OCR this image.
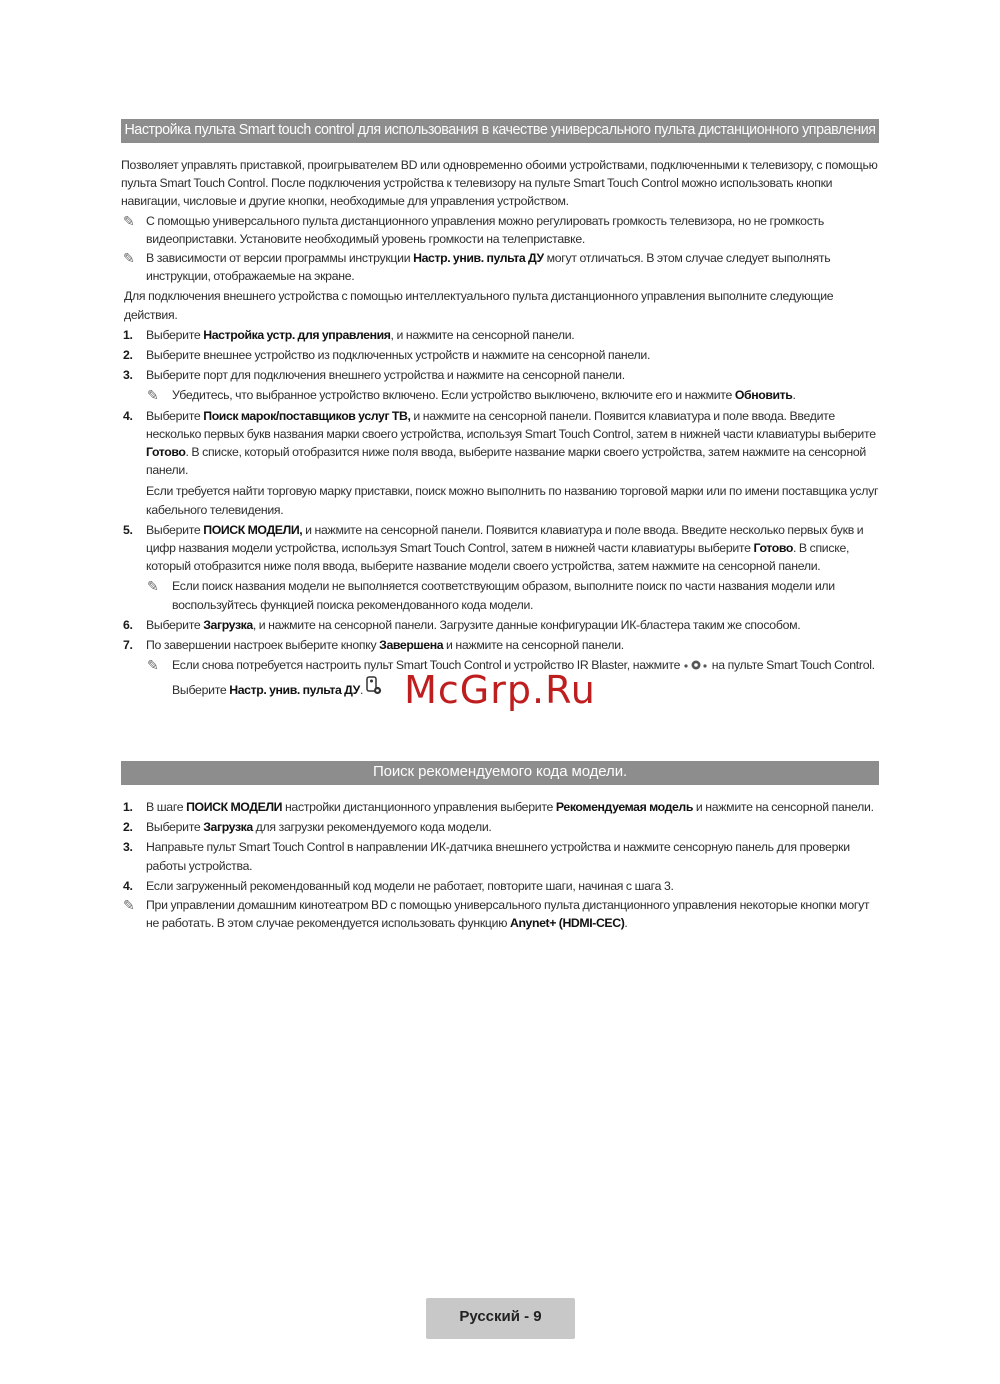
Настройка пульта Smart touch control для использования в качестве универсального пульта дистанционного управления

Позволяет управлять приставкой, проигрывателем BD или одновременно обоими устройствами, подключенными к телевизору, с помощью пульта Smart Touch Control. После подключения устройства к телевизору на пульте Smart Touch Control можно использовать кнопки навигации, числовые и другие кнопки, необходимые для управления устройством.

✎ С помощью универсального пульта дистанционного управления можно регулировать громкость телевизора, но не громкость видеоприставки. Установите необходимый уровень громкости на телеприставке.
✎ В зависимости от версии программы инструкции Настр. унив. пульта ДУ могут отличаться. В этом случае следует выполнять инструкции, отображаемые на экране.

Для подключения внешнего устройства с помощью интеллектуального пульта дистанционного управления выполните следующие действия.

1. Выберите Настройка устр. для управления, и нажмите на сенсорной панели.
2. Выберите внешнее устройство из подключенных устройств и нажмите на сенсорной панели.
3. Выберите порт для подключения внешнего устройства и нажмите на сенсорной панели.
✎ Убедитесь, что выбранное устройство включено. Если устройство выключено, включите его и нажмите Обновить.
4. Выберите Поиск марок/поставщиков услуг ТВ, и нажмите на сенсорной панели. Появится клавиатура и поле ввода. Введите несколько первых букв названия марки своего устройства, используя Smart Touch Control, затем в нижней части клавиатуры выберите Готово. В списке, который отобразится ниже поля ввода, выберите название марки своего устройства, затем нажмите на сенсорной панели.
Если требуется найти торговую марку приставки, поиск можно выполнить по названию торговой марки или по имени поставщика услуг кабельного телевидения.
5. Выберите ПОИСК МОДЕЛИ, и нажмите на сенсорной панели. Появится клавиатура и поле ввода. Введите несколько первых букв и цифр названия модели устройства, используя Smart Touch Control, затем в нижней части клавиатуры выберите Готово. В списке, который отобразится ниже поля ввода, выберите название модели своего устройства, затем нажмите на сенсорной панели.
✎ Если поиск названия модели не выполняется соответствующим образом, выполните поиск по части названия модели или воспользуйтесь функцией поиска рекомендованного кода модели.
6. Выберите Загрузка, и нажмите на сенсорной панели. Загрузите данные конфигурации ИК-бластера таким же способом.
7. По завершении настроек выберите кнопку Завершена и нажмите на сенсорной панели.
✎ Если снова потребуется настроить пульт Smart Touch Control и устройство IR Blaster, нажмите  на пульте Smart Touch Control. Выберите Настр. унив. пульта ДУ.	McGrp.Ru
Поиск рекомендуемого кода модели.
1. В шаге ПОИСК МОДЕЛИ настройки дистанционного управления выберите Рекомендуемая модель и нажмите на сенсорной панели.
2. Выберите Загрузка для загрузки рекомендуемого кода модели.
3. Направьте пульт Smart Touch Control в направлении ИК-датчика внешнего устройства и нажмите сенсорную панель для проверки работы устройства.
4. Если загруженный рекомендованный код модели не работает, повторите шаги, начиная с шага 3.
✎ При управлении домашним кинотеатром BD с помощью универсального пульта дистанционного управления некоторые кнопки могут не работать. В этом случае рекомендуется использовать функцию Anynet+ (HDMI-CEC).
Русский - 9
